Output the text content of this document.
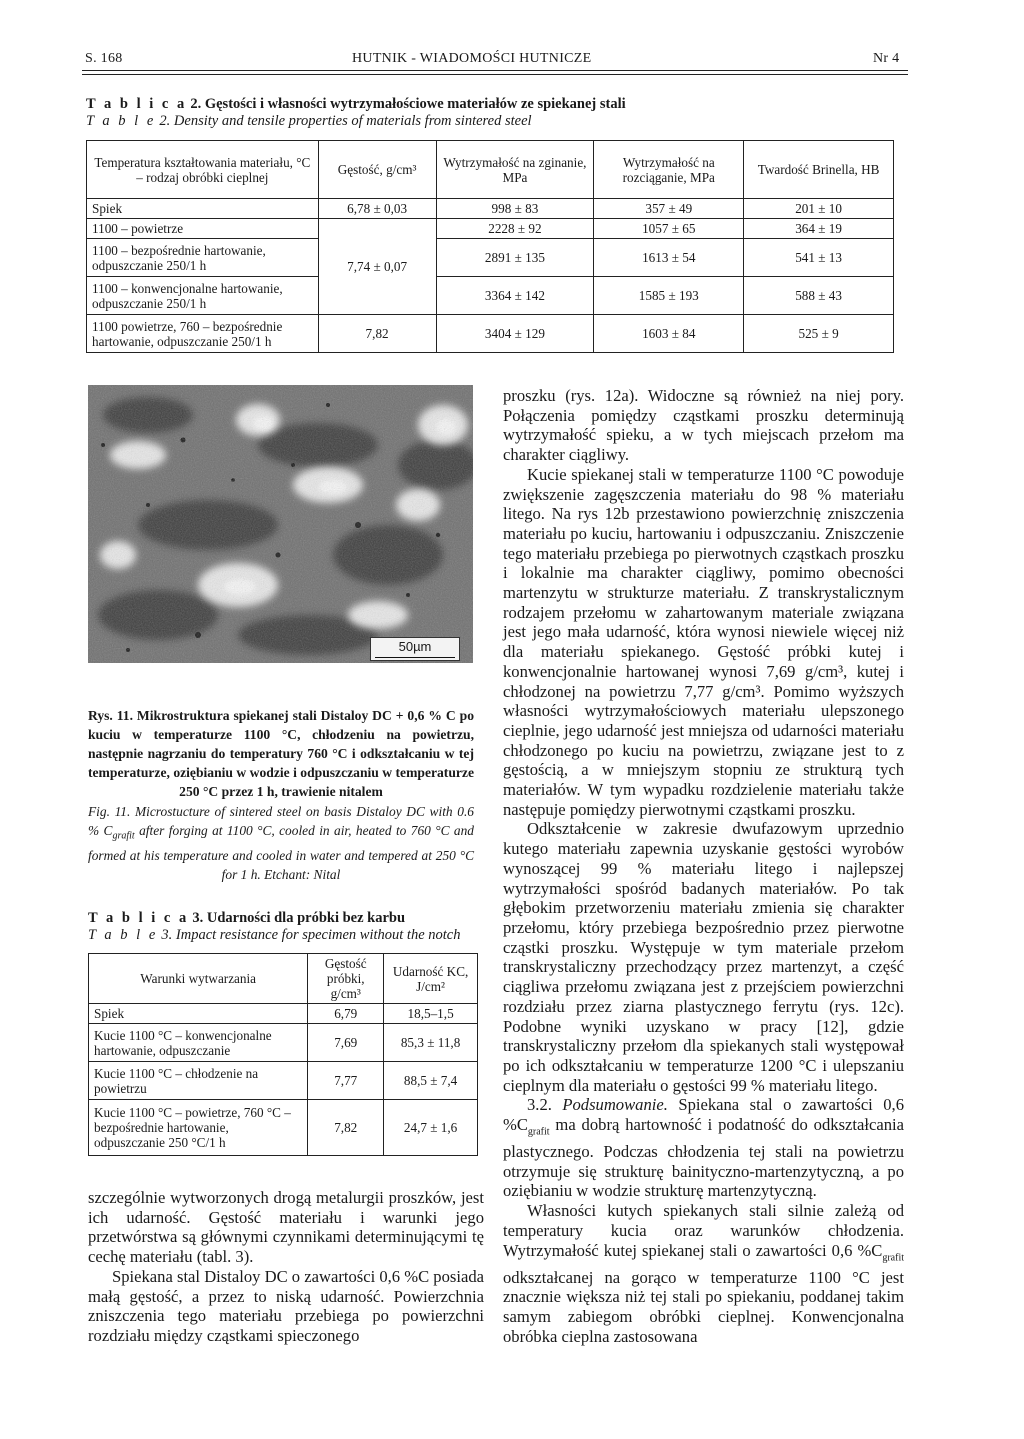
S. 168	HUTNIK - WIADOMOŚCI HUTNICZE	Nr 4
T a b l i c a 2. Gęstości i własności wytrzymałościowe materiałów ze spiekanej stali
T a b l e 2. Density and tensile properties of materials from sintered steel
Temperatura kształtowania materiału, °C – rodzaj obróbki cieplnej	Gęstość, g/cm³	Wytrzymałość na zginanie, MPa	Wytrzymałość na rozciąganie, MPa	Twardość Brinella, HB
Spiek	6,78 ± 0,03	998 ± 83	357 ± 49	201 ± 10
1100 – powietrze	7,74 ± 0,07	2228 ± 92	1057 ± 65	364 ± 19
1100 – bezpośrednie hartowanie, odpuszczanie 250/1 h		2891 ± 135	1613 ± 54	541 ± 13
1100 – konwencjonalne hartowanie, odpuszczanie 250/1 h		3364 ± 142	1585 ± 193	588 ± 43
1100 powietrze, 760 – bezpośrednie hartowanie, odpuszczanie 250/1 h	7,82	3404 ± 129	1603 ± 84	525 ± 9
50µm
Rys. 11. Mikrostruktura spiekanej stali Distaloy DC + 0,6 % C po kuciu w temperaturze 1100 °C, chłodzeniu na powietrzu, następnie nagrzaniu do temperatury 760 °C i odkształcaniu w tej temperaturze, oziębianiu w wodzie i odpuszczaniu w temperaturze 250 °C przez 1 h, trawienie nitalem
Fig. 11. Microstucture of sintered steel on basis Distaloy DC with 0.6 % $C_{grafit}$ after forging at 1100 °C, cooled in air, heated to 760 °C and formed at his temperature and cooled in water and tempered at 250 °C for 1 h. Etchant: Nital
T a b l i c a 3. Udarności dla próbki bez karbu
T a b l e 3. Impact resistance for specimen without the notch
Warunki wytwarzania	Gęstość próbki, g/cm³	Udarność KC, J/cm²
Spiek	6,79	18,5–1,5
Kucie 1100 °C – konwencjonalne hartowanie, odpuszczanie	7,69	85,3 ± 11,8
Kucie 1100 °C – chłodzenie na powietrzu	7,77	88,5 ± 7,4
Kucie 1100 °C – powietrze, 760 °C – bezpośrednie hartowanie, odpuszczanie 250 °C/1 h	7,82	24,7 ± 1,6

szczególnie wytworzonych drogą metalurgii proszków, jest ich udarność. Gęstość materiału i warunki jego przetwórstwa są głównymi czynnikami determinującymi tę cechę materiału (tabl. 3).

Spiekana stal Distaloy DC o zawartości 0,6 %C posiada małą gęstość, a przez to niską udarność. Powierzchnia zniszczenia tego materiału przebiega po powierzchni rozdziału między cząstkami spieczonego

proszku (rys. 12a). Widoczne są również na niej pory. Połączenia pomiędzy cząstkami proszku determinują wytrzymałość spieku, a w tych miejscach przełom ma charakter ciągliwy.

Kucie spiekanej stali w temperaturze 1100 °C powoduje zwiększenie zagęszczenia materiału do 98 % materiału litego. Na rys 12b przestawiono powierzchnię zniszczenia materiału po kuciu, hartowaniu i odpuszczaniu. Zniszczenie tego materiału przebiega po pierwotnych cząstkach proszku i lokalnie ma charakter ciągliwy, pomimo obecności martenzytu w strukturze materiału. Z transkrystalicznym rodzajem przełomu w zahartowanym materiale związana jest jego mała udarność, która wynosi niewiele więcej niż dla materiału spiekanego. Gęstość próbki kutej i konwencjonalnie hartowanej wynosi 7,69 g/cm³, kutej i chłodzonej na powietrzu 7,77 g/cm³. Pomimo wyższych własności wytrzymałościowych materiału ulepszonego cieplnie, jego udarność jest mniejsza od udarności materiału chłodzonego po kuciu na powietrzu, związane jest to z gęstością, a w mniejszym stopniu ze strukturą tych materiałów. W tym wypadku rozdzielenie materiału także następuje pomiędzy pierwotnymi cząstkami proszku.

Odkształcenie w zakresie dwufazowym uprzednio kutego materiału zapewnia uzyskanie gęstości wyrobów wynoszącej 99 % materiału litego i najlepszej wytrzymałości spośród badanych materiałów. Po tak głębokim przetworzeniu materiału zmienia się charakter przełomu, który przebiega bezpośrednio przez pierwotne cząstki proszku. Występuje w tym materiale przełom transkrystaliczny przechodzący przez martenzyt, a część ciągliwa przełomu związana jest z przejściem powierzchni rozdziału przez ziarna plastycznego ferrytu (rys. 12c). Podobne wyniki uzyskano w pracy [12], gdzie transkrystaliczny przełom dla spiekanych stali występował po ich odkształcaniu w temperaturze 1200 °C i ulepszaniu cieplnym dla materiału o gęstości 99 % materiału litego.

3.2. Podsumowanie. Spiekana stal o zawartości 0,6 $\%C_{grafit}$ ma dobrą hartowność i podatność do odkształcania plastycznego. Podczas chłodzenia tej stali na powietrzu otrzymuje się strukturę bainityczno-martenzytyczną, a po oziębianiu w wodzie strukturę martenzytyczną.

Własności kutych spiekanych stali silnie zależą od temperatury kucia oraz warunków chłodzenia. Wytrzymałość kutej spiekanej stali o zawartości 0,6 $\%C_{grafit}$ odkształcanej na gorąco w temperaturze 1100 °C jest znacznie większa niż tej stali po spiekaniu, poddanej takim samym zabiegom obróbki cieplnej. Konwencjonalna obróbka cieplna zastosowana
